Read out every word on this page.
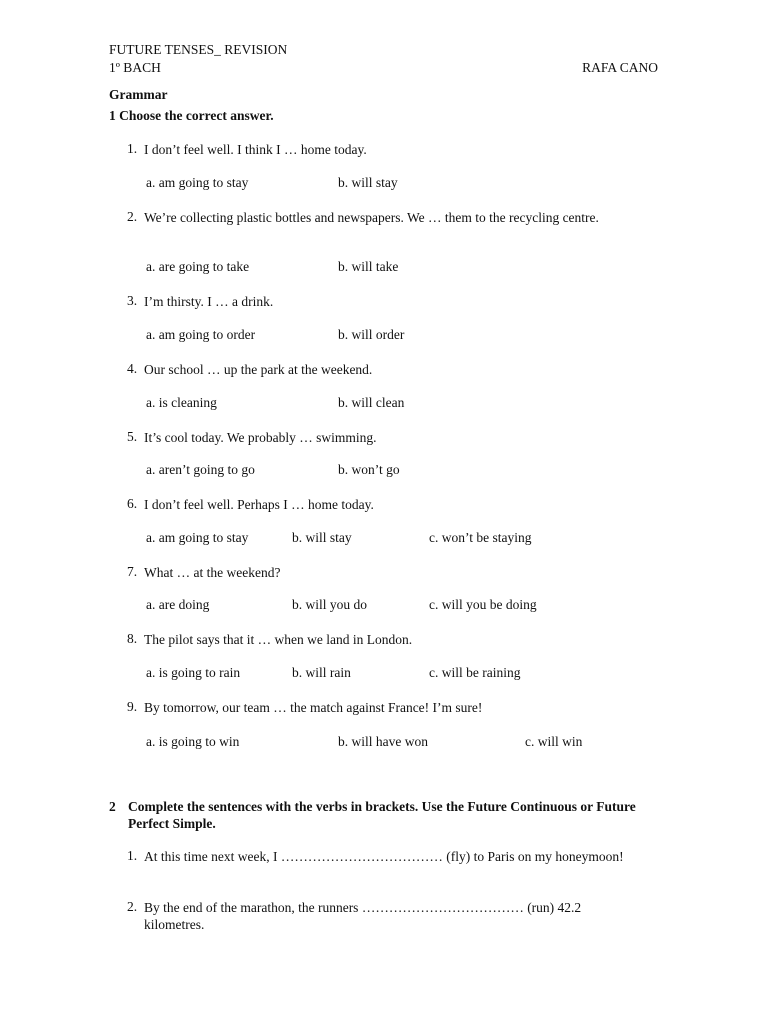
FUTURE TENSES_ REVISION
1º BACH	RAFA CANO
Grammar
1 Choose the correct answer.
1. I don’t feel well. I think I … home today.
a. am going to stay	b. will stay
2. We’re collecting plastic bottles and newspapers. We … them to the recycling centre.
a. are going to take	b. will take
3. I’m thirsty. I … a drink.
a. am going to order	b. will order
4. Our school … up the park at the weekend.
a. is cleaning	b. will clean
5. It’s cool today. We probably … swimming.
a. aren’t going to go	b. won’t go
6. I don’t feel well. Perhaps I … home today.
a. am going to stay	b. will stay	c. won’t be staying
7. What … at the weekend?
a. are doing	b. will you do	c. will you be doing
8. The pilot says that it … when we land in London.
a. is going to rain	b. will rain	c. will be raining
9. By tomorrow, our team … the match against France! I’m sure!
a. is going to win	b. will have won	c. will win
2 Complete the sentences with the verbs in brackets. Use the Future Continuous or Future Perfect Simple.
1. At this time next week, I ……………………………… (fly) to Paris on my honeymoon!
2. By the end of the marathon, the runners ……………………………… (run) 42.2 kilometres.
